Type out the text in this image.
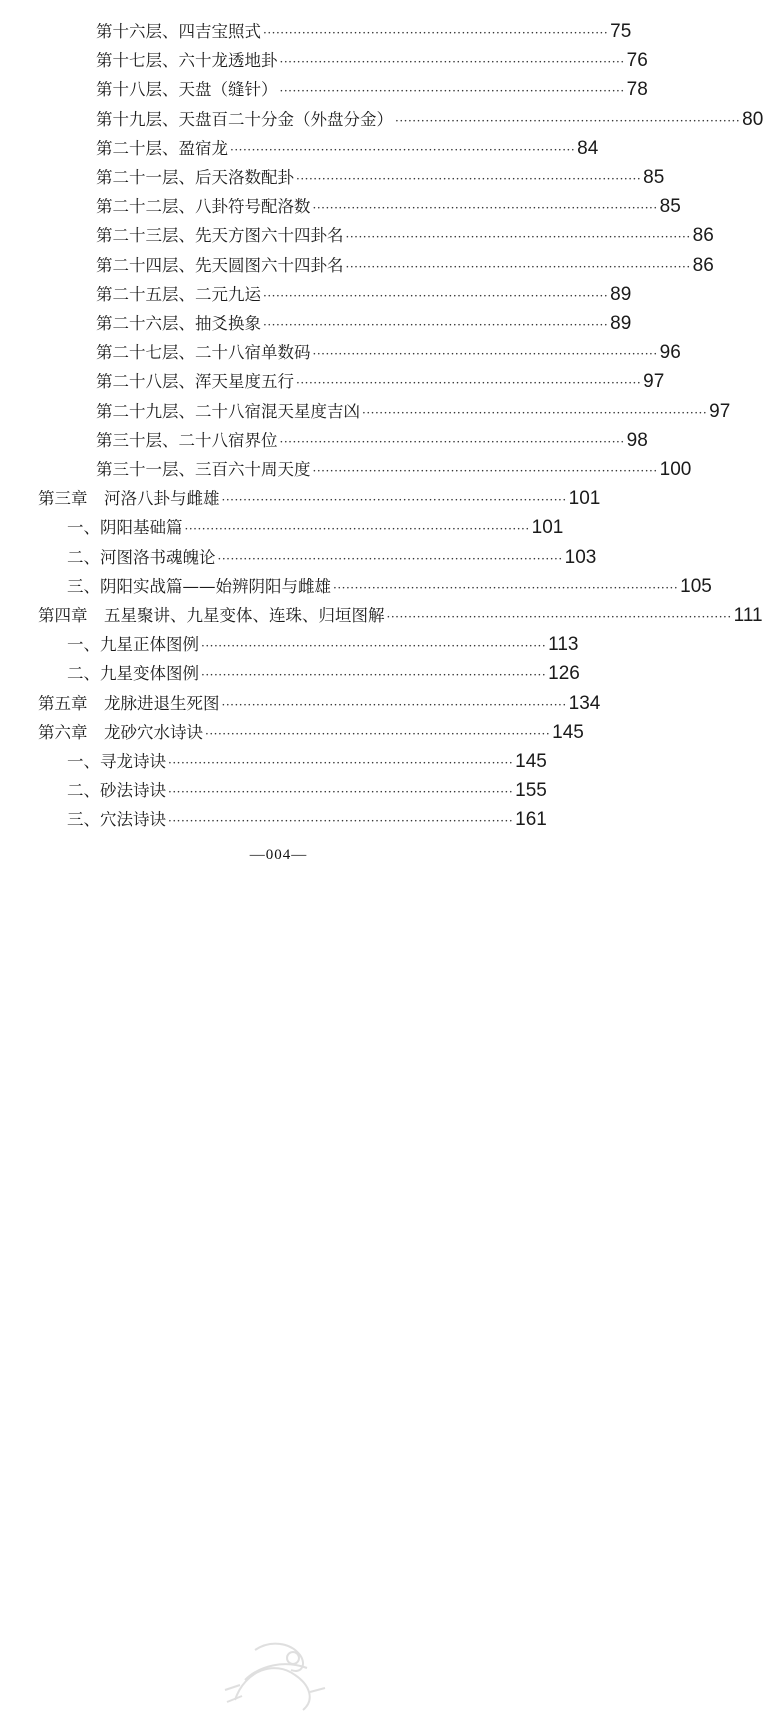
第十六层、四吉宝照式 ················································································ 75
第十七层、六十龙透地卦 ················································································ 76
第十八层、天盘（缝针） ················································································ 78
第十九层、天盘百二十分金（外盘分金） ················································································ 80
第二十层、盈宿龙 ················································································ 84
第二十一层、后天洛数配卦 ················································································ 85
第二十二层、八卦符号配洛数 ················································································ 85
第二十三层、先天方图六十四卦名 ················································································ 86
第二十四层、先天圆图六十四卦名 ················································································ 86
第二十五层、二元九运 ················································································ 89
第二十六层、抽爻换象 ················································································ 89
第二十七层、二十八宿单数码 ················································································ 96
第二十八层、浑天星度五行 ················································································ 97
第二十九层、二十八宿混天星度吉凶 ················································································ 97
第三十层、二十八宿界位 ················································································ 98
第三十一层、三百六十周天度 ················································································ 100
第三章　河洛八卦与雌雄 ················································································ 101
一、阴阳基础篇 ················································································ 101
二、河图洛书魂魄论 ················································································ 103
三、阴阳实战篇——始辨阴阳与雌雄 ················································································ 105
第四章　五星聚讲、九星变体、连珠、归垣图解 ················································································ 111
一、九星正体图例 ················································································ 113
二、九星变体图例 ················································································ 126
第五章　龙脉进退生死图 ················································································ 134
第六章　龙砂穴水诗诀 ················································································ 145
一、寻龙诗诀 ················································································ 145
二、砂法诗诀 ················································································ 155
三、穴法诗诀 ················································································ 161
—004—
